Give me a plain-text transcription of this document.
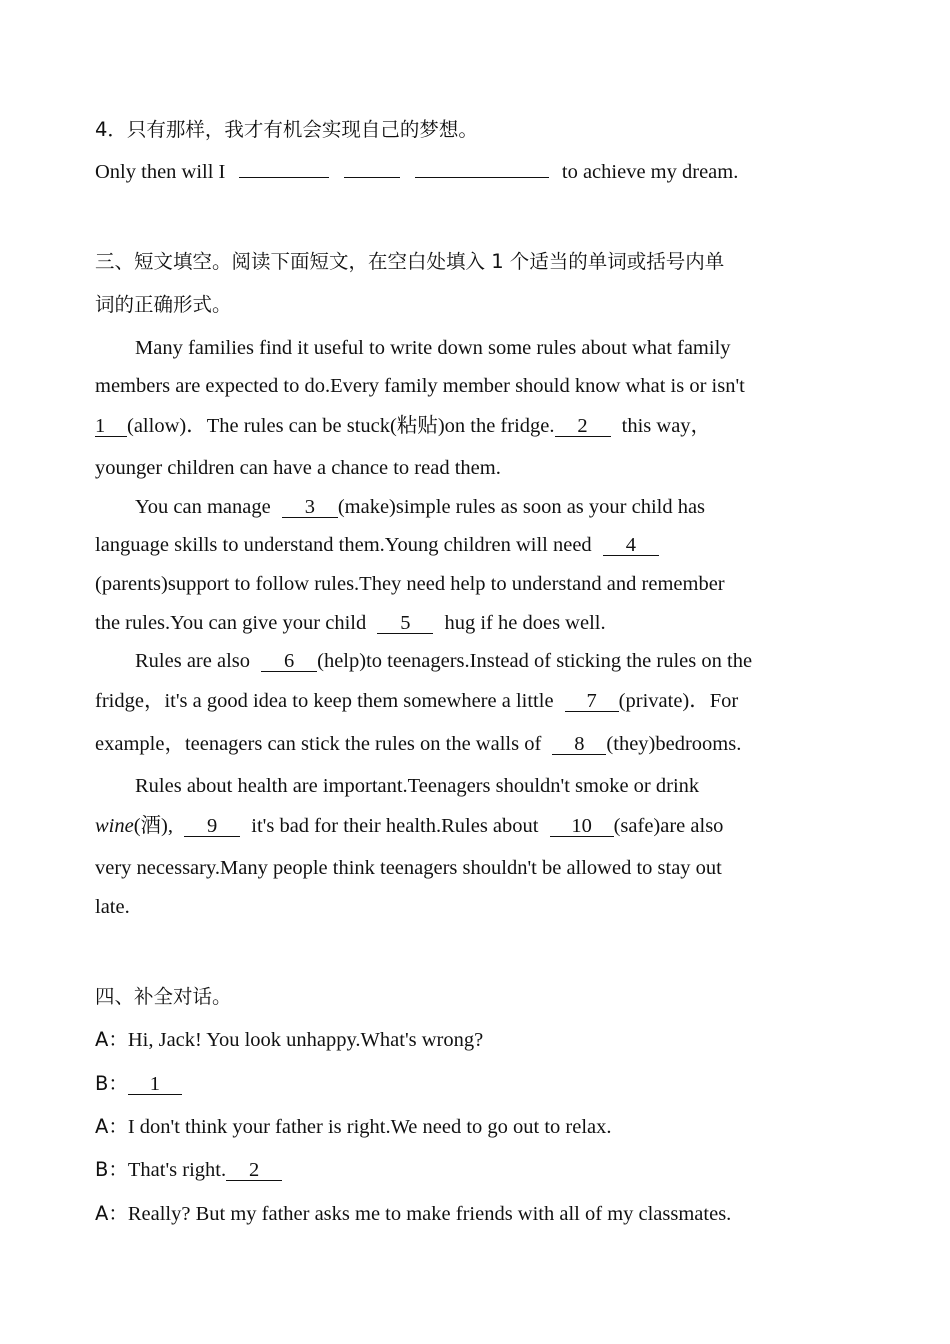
4．只有那样，我才有机会实现自己的梦想。
Only then will I	to achieve my dream.
三、短文填空。阅读下面短文，在空白处填入 1 个适当的单词或括号内单
词的正确形式。
Many families find it useful to write down some rules about what family
members are expected to do.Every family member should know what is or isn't
1 (allow)．The rules can be stuck(粘贴)on the fridge. 2 this way，
younger children can have a chance to read them.
You can manage 3 (make)simple rules as soon as your child has
language skills to understand them.Young children will need 4
(parents)support to follow rules.They need help to understand and remember
the rules.You can give your child 5 hug if he does well.
Rules are also 6 (help)to teenagers.Instead of sticking the rules on the
fridge，it's a good idea to keep them somewhere a little 7 (private)．For
example，teenagers can stick the rules on the walls of 8 (they)bedrooms.
Rules about health are important.Teenagers shouldn't smoke or drink
wine(酒), 9 it's bad for their health.Rules about 10 (safe)are also
very necessary.Many people think teenagers shouldn't be allowed to stay out
late.
四、补全对话。
A：Hi, Jack! You look unhappy.What's wrong?
B： 1
A：I don't think your father is right.We need to go out to relax.
B：That's right. 2
A：Really? But my father asks me to make friends with all of my classmates.
